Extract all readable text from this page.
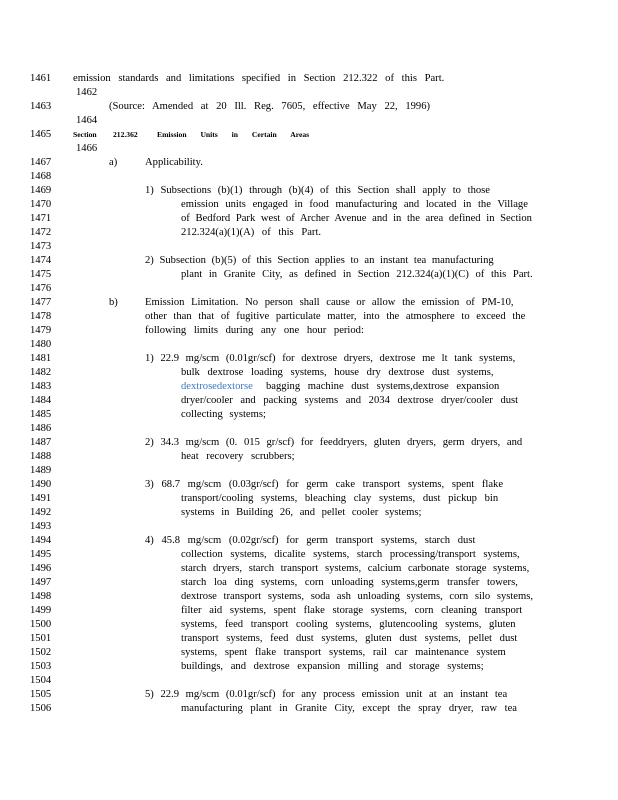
1461 emission standards and limitations specified in Section 212.322 of this Part.
1462
1463	(Source: Amended at 20 Ill. Reg. 7605, effective May 22, 1996)
1464
1465	Section 212.362	Emission Units in Certain Areas
1466
1467	a)	Applicability.
1468
1469	1) Subsections (b)(1) through (b)(4) of this Section shall apply to those
1470	emission units engaged in food manufacturing and located in the Village
1471	of Bedford Park west of Archer Avenue and in the area defined in Section
1472	212.324(a)(1)(A) of this Part.
1473
1474	2) Subsection (b)(5) of this Section applies to an instant tea manufacturing
1475	plant in Granite City, as defined in Section 212.324(a)(1)(C) of this Part.
1476
1477	b)	Emission Limitation. No person shall cause or allow the emission of PM-10,
1478	other than that of fugitive particulate matter, into the atmosphere to exceed the
1479	following limits during any one hour period:
1480
1481	1) 22.9 mg/scm (0.01gr/scf) for dextrose dryers, dextrose me lt tank systems,
1482	bulk dextrose loading systems, house dry dextrose dust systems,
1483	dextrosedextorse bagging machine dust systems,dextrose expansion
1484	dryer/cooler and packing systems and 2034 dextrose dryer/cooler dust
1485	collecting systems;
1486
1487	2) 34.3 mg/scm (0. 015 gr/scf) for feeddryers, gluten dryers, germ dryers, and
1488	heat recovery scrubbers;
1489
1490	3) 68.7 mg/scm (0.03gr/scf) for germ cake transport systems, spent flake
1491	transport/cooling systems, bleaching clay systems, dust pickup bin
1492	systems in Building 26, and pellet cooler systems;
1493
1494	4) 45.8 mg/scm (0.02gr/scf) for germ transport systems, starch dust
1495	collection systems, dicalite systems, starch processing/transport systems,
1496	starch dryers, starch transport systems, calcium carbonate storage systems,
1497	starch loa ding systems, corn unloading systems,germ transfer towers,
1498	dextrose transport systems, soda ash unloading systems, corn silo systems,
1499	filter aid systems, spent flake storage systems, corn cleaning transport
1500	systems, feed transport cooling systems, glutencooling systems, gluten
1501	transport systems, feed dust systems, gluten dust systems, pellet dust
1502	systems, spent flake transport systems, rail car maintenance system
1503	buildings, and dextrose expansion milling and storage systems;
1504
1505	5) 22.9 mg/scm (0.01gr/scf) for any process emission unit at an instant tea
1506	manufacturing plant in Granite City, except the spray dryer, raw tea
